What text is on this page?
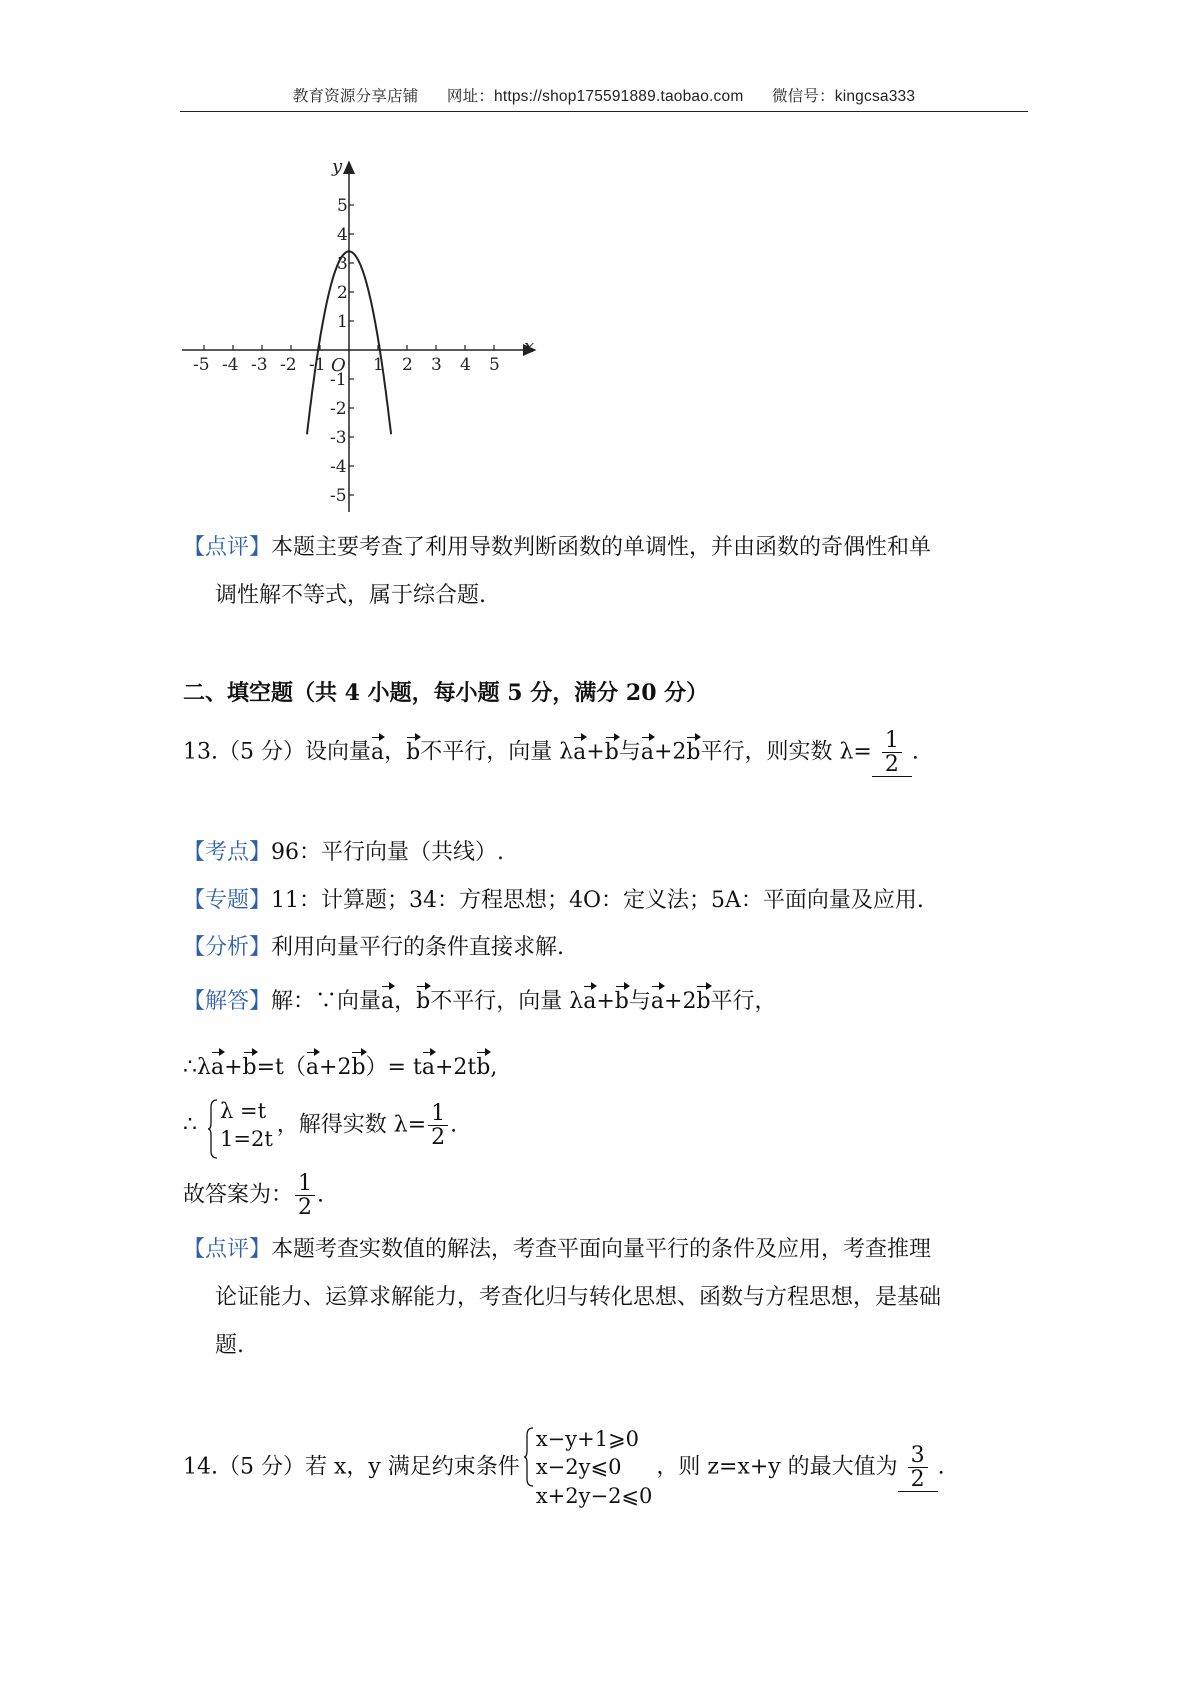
教育资源分享店铺 网址：https://shop175591889.taobao.com 微信号：kingcsa333
x
y
O
-5 -4 -3 -2 -1	1 2 3 4 5
5
4
3
2
1
-1
-2
-3
-4
-5
【点评】本题主要考查了利用导数判断函数的单调性，并由函数的奇偶性和单
调性解不等式，属于综合题.
二、填空题（共 4 小题，每小题 5 分，满分 20 分）
13.（5 分）设向量a，b不平行，向量 λa+b与a+2b平行，则实数 $\lambda= \frac{1}{2}$ .
【考点】96：平行向量（共线）.
【专题】11：计算题；34：方程思想；4O：定义法；5A：平面向量及应用.
【分析】利用向量平行的条件直接求解.
【解答】解：∵向量a，b不平行，向量 λa+b与a+2b平行，
∴λa+b=t（a+2b）= ta+2tb,
∴
λ =t
1=2t
，解得实数 $\lambda= \frac{1}{2}$ .
故答案为： $\frac{1}{2}$ .
【点评】本题考查实数值的解法，考查平面向量平行的条件及应用，考查推理
论证能力、运算求解能力，考查化归与转化思想、函数与方程思想，是基础
题.
14.（5 分）若 x，y 满足约束条件
x−y+1⩾0
x−2y⩽0
x+2y−2⩽0
，则 z=x+y 的最大值为 $\frac{3}{2}$ .
